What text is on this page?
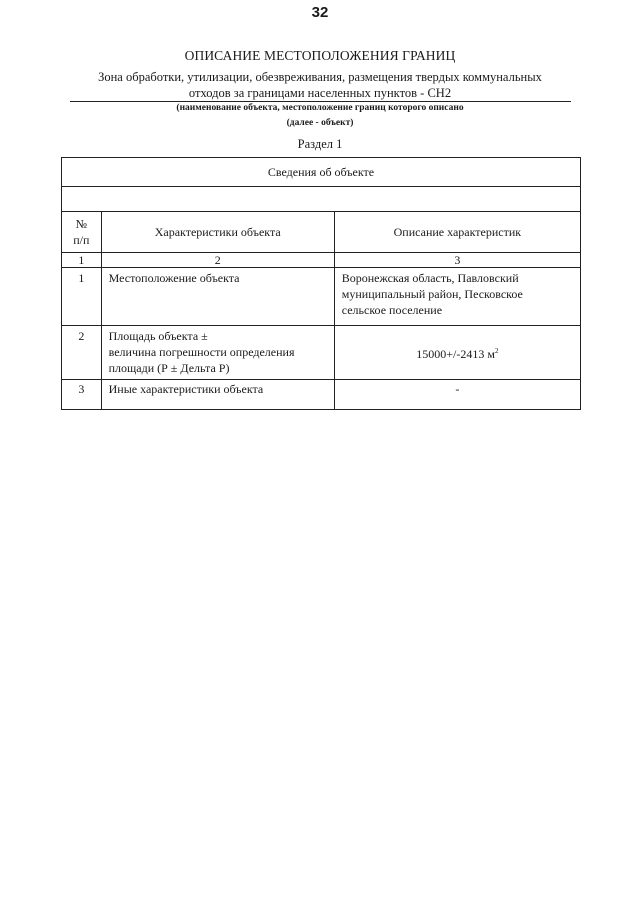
32
ОПИСАНИЕ МЕСТОПОЛОЖЕНИЯ ГРАНИЦ
Зона обработки, утилизации, обезвреживания, размещения твердых коммунальных
отходов за границами населенных пунктов - СН2
(наименование объекта, местоположение границ которого описано
(далее - объект)
Раздел 1
Сведения об объекте		

№
п/п	Характеристики объекта	Описание характеристик
1	2	3
1	Местоположение объекта	Воронежская область, Павловский
муниципальный район, Песковское
сельское поселение

2	Площадь объекта ±
величина погрешности определения
площади (Р ± Дельта Р)	15000+/-2413 $м^2$
3	Иные характеристики объекта	-
